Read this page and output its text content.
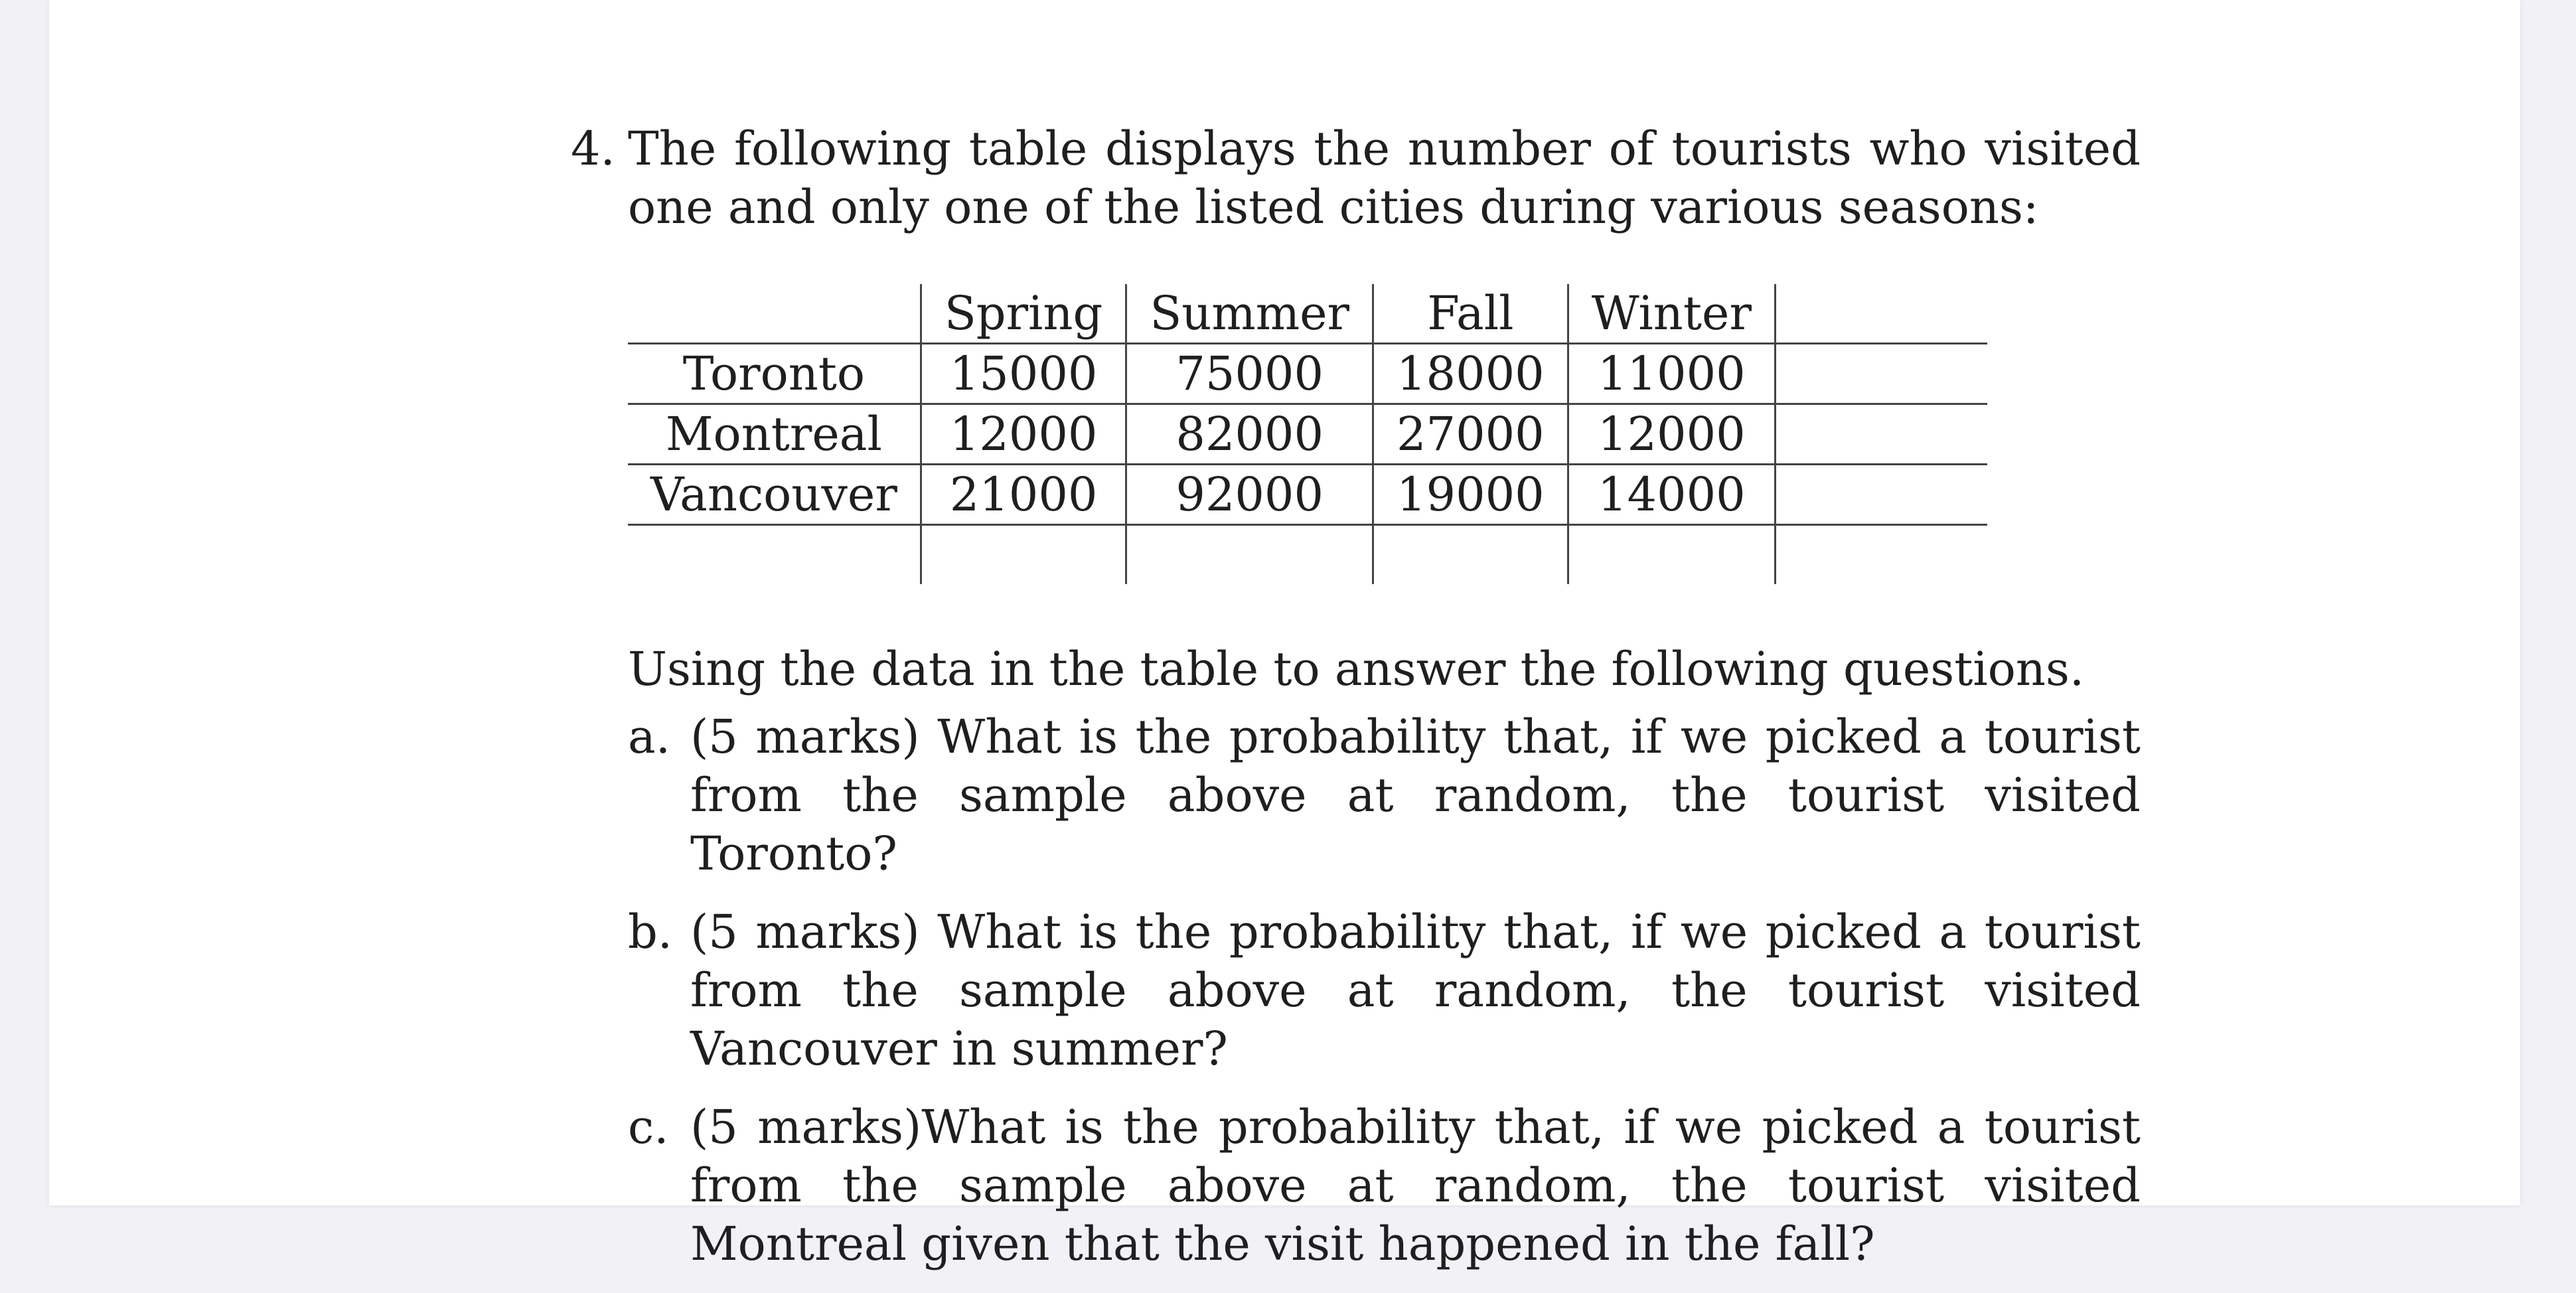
4. The following table displays the number of tourists who visited one and only one of the listed cities during various seasons:
	Spring	Summer	Fall	Winter	
Toronto	15000	75000	18000	11000	
Montreal	12000	82000	27000	12000	
Vancouver	21000	92000	19000	14000	

Using the data in the table to answer the following questions.
a. (5 marks) What is the probability that, if we picked a tourist from the sample above at random, the tourist visited Toronto?
b. (5 marks) What is the probability that, if we picked a tourist from the sample above at random, the tourist visited Vancouver in summer?
c. (5 marks)What is the probability that, if we picked a tourist from the sample above at random, the tourist visited Montreal given that the visit happened in the fall?
